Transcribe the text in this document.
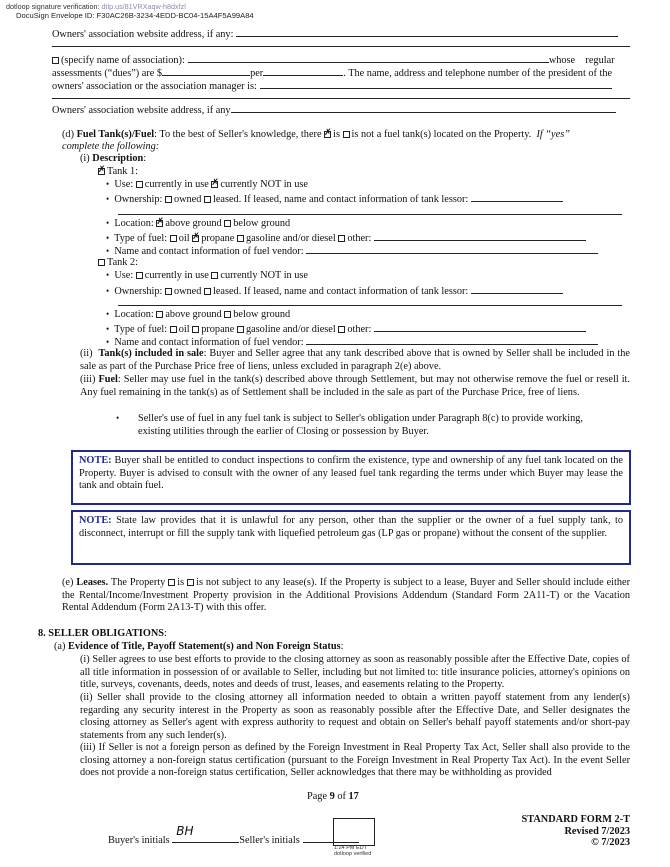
dotloop signature verification: dtlp.us/81VRXaqw-h8dxfzl
DocuSign Envelope ID: F30AC26B-3234-4EDD-BC04-15A4F5A99A84
Owners' association website address, if any:
(specify name of association):	whose    regular
assessments (“dues”) are $	per	. The name, address and telephone number of the president of the
owners' association or the association manager is:
Owners' association website address, if any
(d) Fuel Tank(s)/Fuel: To the best of Seller's knowledge, there ✗ is is not a fuel tank(s) located on the Property. If “yes”
complete the following:
(i) Description:
✗Tank 1:
• Use: currently in use ✗ currently NOT in use
• Ownership: owned leased. If leased, name and contact information of tank lessor:
• Location: ✗ above ground below ground
• Type of fuel: oil ✗ propane gasoline and/or diesel other:
• Name and contact information of fuel vendor:
Tank 2:
• Use: currently in use currently NOT in use
• Ownership: owned leased. If leased, name and contact information of tank lessor:
• Location: above ground below ground
• Type of fuel: oil propane gasoline and/or diesel other:
• Name and contact information of fuel vendor:
(ii) Tank(s) included in sale: Buyer and Seller agree that any tank described above that is owned by Seller shall be included in the sale as part of the Purchase Price free of liens, unless excluded in paragraph 2(e) above.
(iii) Fuel: Seller may use fuel in the tank(s) described above through Settlement, but may not otherwise remove the fuel or resell it. Any fuel remaining in the tank(s) as of Settlement shall be included in the sale as part of the Purchase Price, free of liens.
• Seller's use of fuel in any fuel tank is subject to Seller's obligation under Paragraph 8(c) to provide working, existing utilities through the earlier of Closing or possession by Buyer.
NOTE: Buyer shall be entitled to conduct inspections to confirm the existence, type and ownership of any fuel tank located on the Property. Buyer is advised to consult with the owner of any leased fuel tank regarding the terms under which Buyer may lease the tank and obtain fuel.
NOTE: State law provides that it is unlawful for any person, other than the supplier or the owner of a fuel supply tank, to disconnect, interrupt or fill the supply tank with liquefied petroleum gas (LP gas or propane) without the consent of the supplier.
(e) Leases. The Property is is not subject to any lease(s). If the Property is subject to a lease, Buyer and Seller should include either the Rental/Income/Investment Property provision in the Additional Provisions Addendum (Standard Form 2A11-T) or the Vacation Rental Addendum (Form 2A13-T) with this offer.
8. SELLER OBLIGATIONS:
(a) Evidence of Title, Payoff Statement(s) and Non Foreign Status:
(i) Seller agrees to use best efforts to provide to the closing attorney as soon as reasonably possible after the Effective Date, copies of all title information in possession of or available to Seller, including but not limited to: title insurance policies, attorney's opinions on title, surveys, covenants, deeds, notes and deeds of trust, leases, and easements relating to the Property.
(ii) Seller shall provide to the closing attorney all information needed to obtain a written payoff statement from any lender(s) regarding any security interest in the Property as soon as reasonably possible after the Effective Date, and Seller designates the closing attorney as Seller's agent with express authority to request and obtain on Seller's behalf payoff statements and/or short-pay statements from any such lender(s).
(iii) If Seller is not a foreign person as defined by the Foreign Investment in Real Property Tax Act, Seller shall also provide to the closing attorney a non-foreign status certification (pursuant to the Foreign Investment in Real Property Tax Act). In the event Seller does not provide a non-foreign status certification, Seller acknowledges that there may be withholding as provided
Page 9 of 17
STANDARD FORM 2-T
Revised 7/2023
© 7/2023
Buyer's initials
BH
Seller's initials
1:24 PM EDT
dotloop verified
